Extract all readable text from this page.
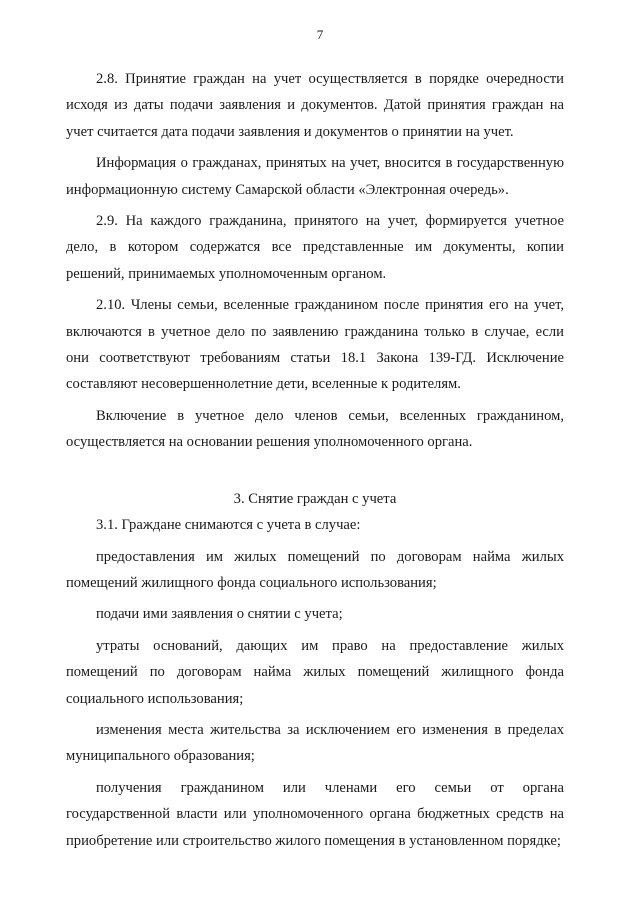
7

2.8. Принятие граждан на учет осуществляется в порядке очередности исходя из даты подачи заявления и документов. Датой принятия граждан на учет считается дата подачи заявления и документов о принятии на учет.

Информация о гражданах, принятых на учет, вносится в государственную информационную систему Самарской области «Электронная очередь».

2.9. На каждого гражданина, принятого на учет, формируется учетное дело, в котором содержатся все представленные им документы, копии решений, принимаемых уполномоченным органом.

2.10. Члены семьи, вселенные гражданином после принятия его на учет, включаются в учетное дело по заявлению гражданина только в случае, если они соответствуют требованиям статьи 18.1 Закона 139-ГД. Исключение составляют несовершеннолетние дети, вселенные к родителям.

Включение в учетное дело членов семьи, вселенных гражданином, осуществляется на основании решения уполномоченного органа.

3. Снятие граждан с учета

3.1. Граждане снимаются с учета в случае:

предоставления им жилых помещений по договорам найма жилых помещений жилищного фонда социального использования;

подачи ими заявления о снятии с учета;

утраты оснований, дающих им право на предоставление жилых помещений по договорам найма жилых помещений жилищного фонда социального использования;

изменения места жительства за исключением его изменения в пределах муниципального образования;

получения гражданином или членами его семьи от органа государственной власти или уполномоченного органа бюджетных средств на приобретение или строительство жилого помещения в установленном порядке;
